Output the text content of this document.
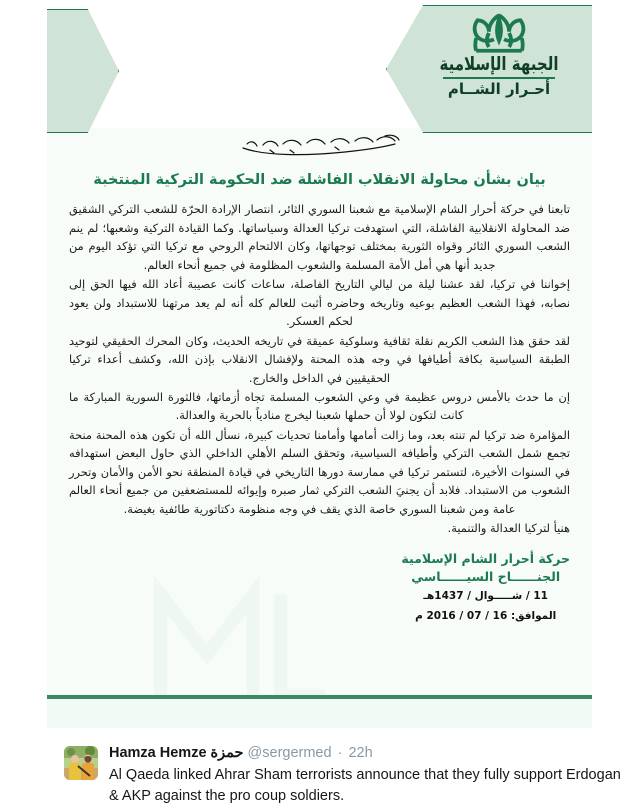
الجبهة الإسلامية
أحـرار الشــام
بيان بشأن محاولة الانقلاب الفاشلة ضد الحكومة التركية المنتخبة

تابعنا في حركة أحرار الشام الإسلامية مع شعبنا السوري الثائر، انتصار الإرادة الحرّة للشعب التركي الشقيق ضد المحاولة الانقلابية الفاشلة، التي استهدفت تركيا العدالة وسياساتها. وكما القيادة التركية وشعبها؛ لم ينم الشعب السوري الثائر وقواه الثورية بمختلف توجهاتها، وكان الالتحام الروحي مع تركيا التي تؤكد اليوم من جديد أنها هي أمل الأمة المسلمة والشعوب المظلومة في جميع أنحاء العالم.

إخواننا في تركيا، لقد عشنا ليلة من ليالي التاريخ الفاصلة، ساعات كانت عصيبة أعاد الله فيها الحق إلى نصابه، فهذا الشعب العظيم بوعيه وتاريخه وحاضره أثبت للعالم كله أنه لم يعد مرتهنا للاستبداد ولن يعود لحكم العسكر.

لقد حقق هذا الشعب الكريم نقلة ثقافية وسلوكية عميقة في تاريخه الحديث، وكان المحرك الحقيقي لتوحيد الطبقة السياسية بكافة أطيافها في وجه هذه المحنة ولإفشال الانقلاب بإذن الله، وكشف أعداء تركيا الحقيقيين في الداخل والخارج.

إن ما حدث بالأمس دروس عظيمة في وعي الشعوب المسلمة تجاه أزماتها، فالثورة السورية المباركة ما كانت لتكون لولا أن حملها شعبنا ليخرج منادياً بالحرية والعدالة.

المؤامرة ضد تركيا لم تنته بعد، وما زالت أمامها وأمامنا تحديات كبيرة، نسأل الله أن تكون هذه المحنة منحة تجمع شمل الشعب التركي وأطيافه السياسية، وتحقق السلم الأهلي الداخلي الذي حاول البعض استهدافه في السنوات الأخيرة، لتستمر تركيا في ممارسة دورها التاريخي في قيادة المنطقة نحو الأمن والأمان وتحرر الشعوب من الاستبداد. فلابد أن يجنيَ الشعب التركي ثمار صبره وإيوائه للمستضعفين من جميع أنحاء العالم عامة ومن شعبنا السوري خاصة الذي يقف في وجه منظومة دكتاتورية طائفية بغيضة.

هنيأ لتركيا العدالة والتنمية.

حركة أحرار الشام الإسلامية
الجنــــــاح السيــــــاسي
11 / شـــــوال / 1437هـ
الموافق: 16 / 07 / 2016 م
Hamza Hemze حمزة @sergermed · 22h
Al Qaeda linked Ahrar Sham terrorists announce that they fully support Erdogan & AKP against the pro coup soldiers.
